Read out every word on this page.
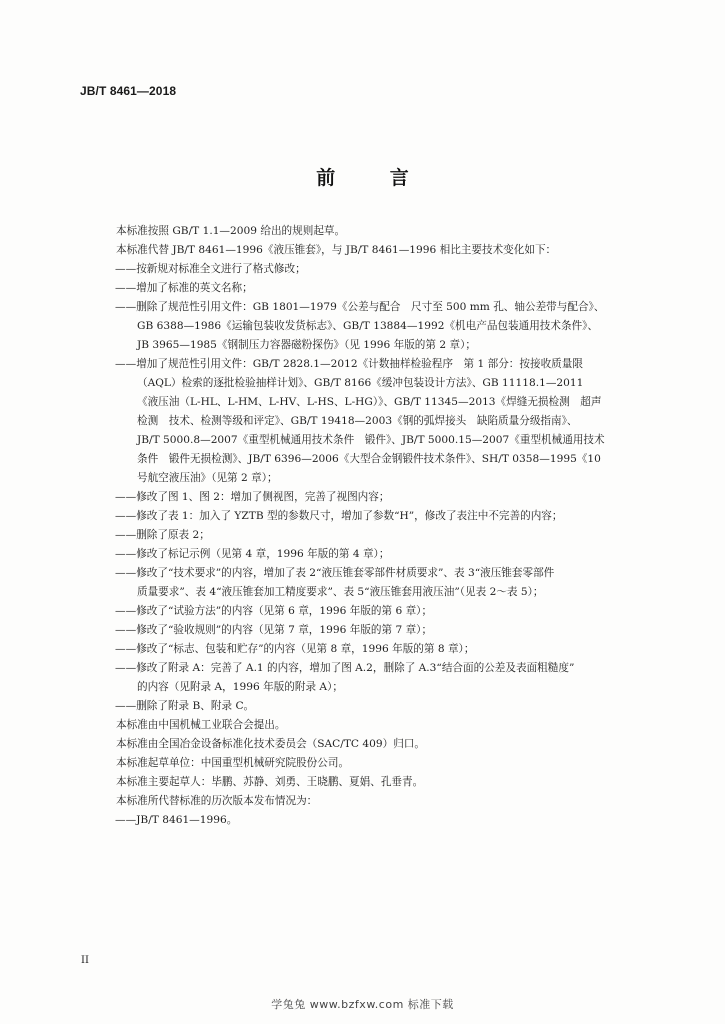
JB/T 8461—2018
前 言

本标准按照 GB/T 1.1—2009 给出的规则起草。

本标准代替 JB/T 8461—1996《液压锥套》，与 JB/T 8461—1996 相比主要技术变化如下：

——按新规对标准全文进行了格式修改；

——增加了标准的英文名称；

——删除了规范性引用文件：GB 1801—1979《公差与配合　尺寸至 500 mm 孔、轴公差带与配合》、

GB 6388—1986《运输包装收发货标志》、GB/T 13884—1992《机电产品包装通用技术条件》、

JB 3965—1985《钢制压力容器磁粉探伤》（见 1996 年版的第 2 章）；

——增加了规范性引用文件：GB/T 2828.1—2012《计数抽样检验程序　第 1 部分：按接收质量限

（AQL）检索的逐批检验抽样计划》、GB/T 8166《缓冲包装设计方法》、GB 11118.1—2011

《液压油（L-HL、L-HM、L-HV、L-HS、L-HG）》、GB/T 11345—2013《焊缝无损检测　超声

检测　技术、检测等级和评定》、GB/T 19418—2003《钢的弧焊接头　缺陷质量分级指南》、

JB/T 5000.8—2007《重型机械通用技术条件　锻件》、JB/T 5000.15—2007《重型机械通用技术

条件　锻件无损检测》、JB/T 6396—2006《大型合金钢锻件技术条件》、SH/T 0358—1995《10

号航空液压油》（见第 2 章）；

——修改了图 1、图 2：增加了侧视图，完善了视图内容；

——修改了表 1：加入了 YZTB 型的参数尺寸，增加了参数“H”，修改了表注中不完善的内容；

——删除了原表 2；

——修改了标记示例（见第 4 章，1996 年版的第 4 章）；

——修改了“技术要求”的内容，增加了表 2“液压锥套零部件材质要求”、表 3“液压锥套零部件

质量要求”、表 4“液压锥套加工精度要求”、表 5“液压锥套用液压油”（见表 2～表 5）；

——修改了“试验方法”的内容（见第 6 章，1996 年版的第 6 章）；

——修改了“验收规则”的内容（见第 7 章，1996 年版的第 7 章）；

——修改了“标志、包装和贮存”的内容（见第 8 章，1996 年版的第 8 章）；

——修改了附录 A：完善了 A.1 的内容，增加了图 A.2，删除了 A.3“结合面的公差及表面粗糙度”

的内容（见附录 A，1996 年版的附录 A）；

——删除了附录 B、附录 C。

本标准由中国机械工业联合会提出。

本标准由全国冶金设备标准化技术委员会（SAC/TC 409）归口。

本标准起草单位：中国重型机械研究院股份公司。

本标准主要起草人：毕鹏、苏静、刘勇、王晓鹏、夏娟、孔垂青。

本标准所代替标准的历次版本发布情况为：

——JB/T 8461—1996。

II
学兔兔 www.bzfxw.com 标准下载
